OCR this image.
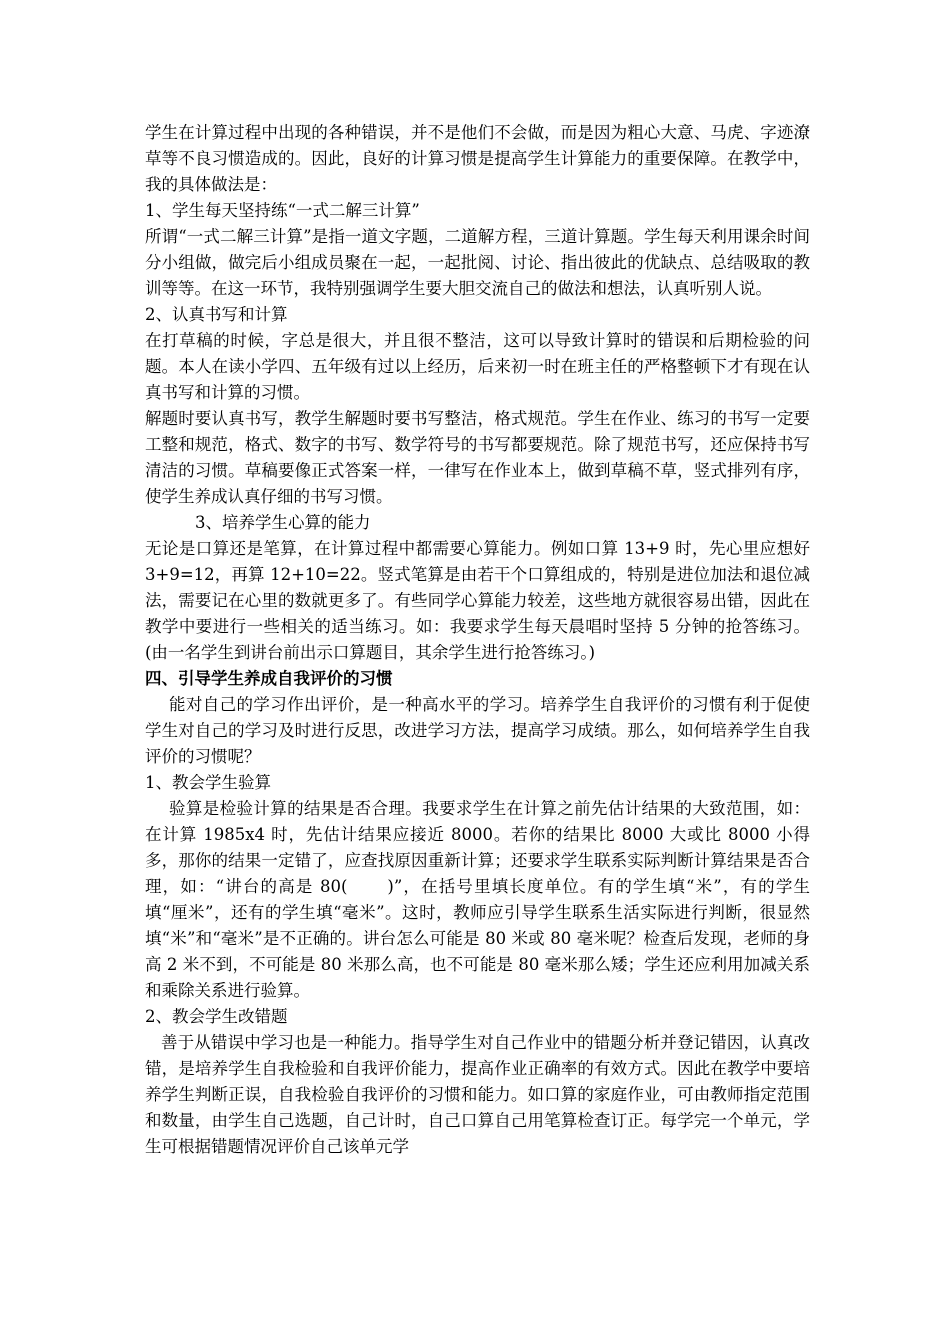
学生在计算过程中出现的各种错误，并不是他们不会做，而是因为粗心大意、马虎、字迹潦草等不良习惯造成的。因此，良好的计算习惯是提高学生计算能力的重要保障。在教学中，我的具体做法是：

1、学生每天坚持练“一式二解三计算”

所谓“一式二解三计算”是指一道文字题，二道解方程，三道计算题。学生每天利用课余时间分小组做，做完后小组成员聚在一起，一起批阅、讨论、指出彼此的优缺点、总结吸取的教训等等。在这一环节，我特别强调学生要大胆交流自己的做法和想法，认真听别人说。

2、认真书写和计算

在打草稿的时候，字总是很大，并且很不整洁，这可以导致计算时的错误和后期检验的问题。本人在读小学四、五年级有过以上经历，后来初一时在班主任的严格整顿下才有现在认真书写和计算的习惯。

解题时要认真书写，教学生解题时要书写整洁，格式规范。学生在作业、练习的书写一定要工整和规范，格式、数字的书写、数学符号的书写都要规范。除了规范书写，还应保持书写清洁的习惯。草稿要像正式答案一样，一律写在作业本上，做到草稿不草，竖式排列有序，使学生养成认真仔细的书写习惯。

3、培养学生心算的能力

无论是口算还是笔算，在计算过程中都需要心算能力。例如口算 13+9 时，先心里应想好 3+9=12，再算 12+10=22。竖式笔算是由若干个口算组成的，特别是进位加法和退位减法，需要记在心里的数就更多了。有些同学心算能力较差，这些地方就很容易出错，因此在教学中要进行一些相关的适当练习。如：我要求学生每天晨唱时坚持 5 分钟的抢答练习。(由一名学生到讲台前出示口算题目，其余学生进行抢答练习。)

四、引导学生养成自我评价的习惯

能对自己的学习作出评价，是一种高水平的学习。培养学生自我评价的习惯有利于促使学生对自己的学习及时进行反思，改进学习方法，提高学习成绩。那么，如何培养学生自我评价的习惯呢？

1、教会学生验算

验算是检验计算的结果是否合理。我要求学生在计算之前先估计结果的大致范围，如：在计算 1985x4 时，先估计结果应接近 8000。若你的结果比 8000 大或比 8000 小得多，那你的结果一定错了，应查找原因重新计算；还要求学生联系实际判断计算结果是否合理，如：“讲台的高是 80( )”，在括号里填长度单位。有的学生填“米”，有的学生填“厘米”，还有的学生填“毫米”。这时，教师应引导学生联系生活实际进行判断，很显然填“米”和“毫米”是不正确的。讲台怎么可能是 80 米或 80 毫米呢？检查后发现，老师的身高 2 米不到，不可能是 80 米那么高，也不可能是 80 毫米那么矮；学生还应利用加减关系和乘除关系进行验算。

2、教会学生改错题

善于从错误中学习也是一种能力。指导学生对自己作业中的错题分析并登记错因，认真改错，是培养学生自我检验和自我评价能力，提高作业正确率的有效方式。因此在教学中要培养学生判断正误，自我检验自我评价的习惯和能力。如口算的家庭作业，可由教师指定范围和数量，由学生自己选题，自己计时，自己口算自己用笔算检查订正。每学完一个单元，学生可根据错题情况评价自己该单元学
